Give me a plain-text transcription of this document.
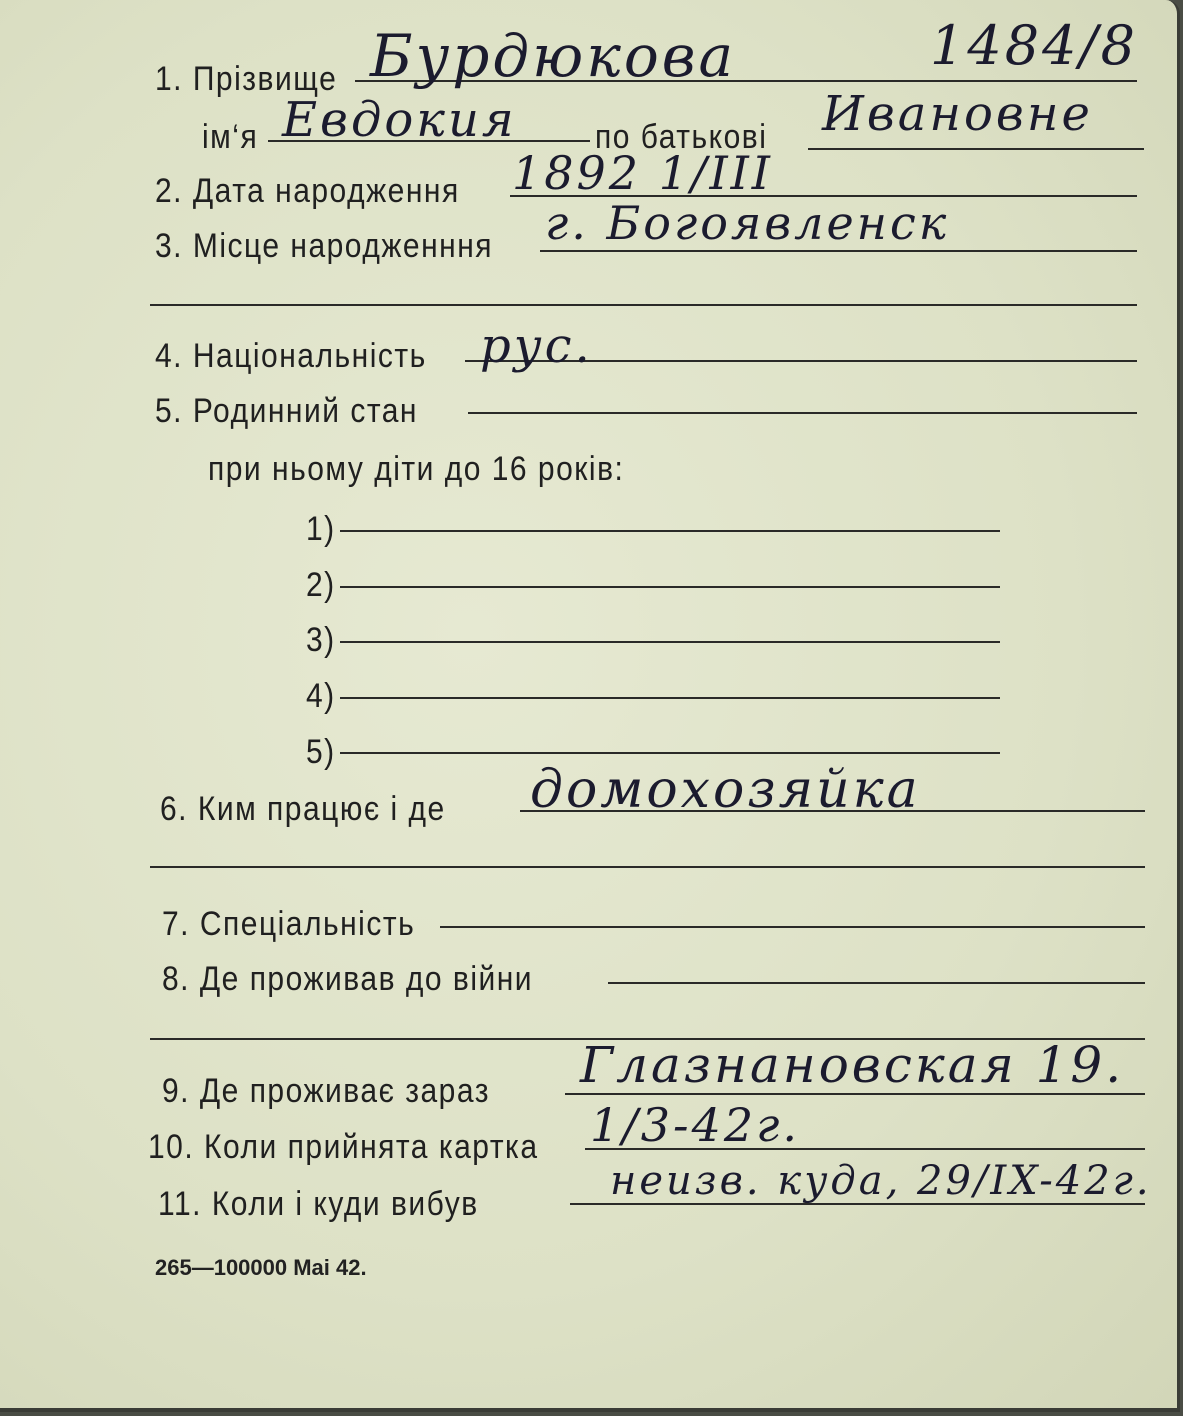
1. Прізвище Бурдюкова	1484/8
ім‘я Евдокия	по батькові Ивановне
2. Дата народження 1892 1/III
3. Місце народженння г. Богоявленск
4. Національність рус.
5. Родинний стан
при ньому діти до 16 років:
1)
2)
3)
4)
5)
6. Ким працює і де домохозяйка
7. Спеціальність
8. Де проживав до війни
9. Де проживає зараз Глазнановская 19.
10. Коли прийнята картка 1/3-42г.
11. Коли і куди вибув	неизв. куда, 29/IX-42г.
265—100000 Mai 42.
